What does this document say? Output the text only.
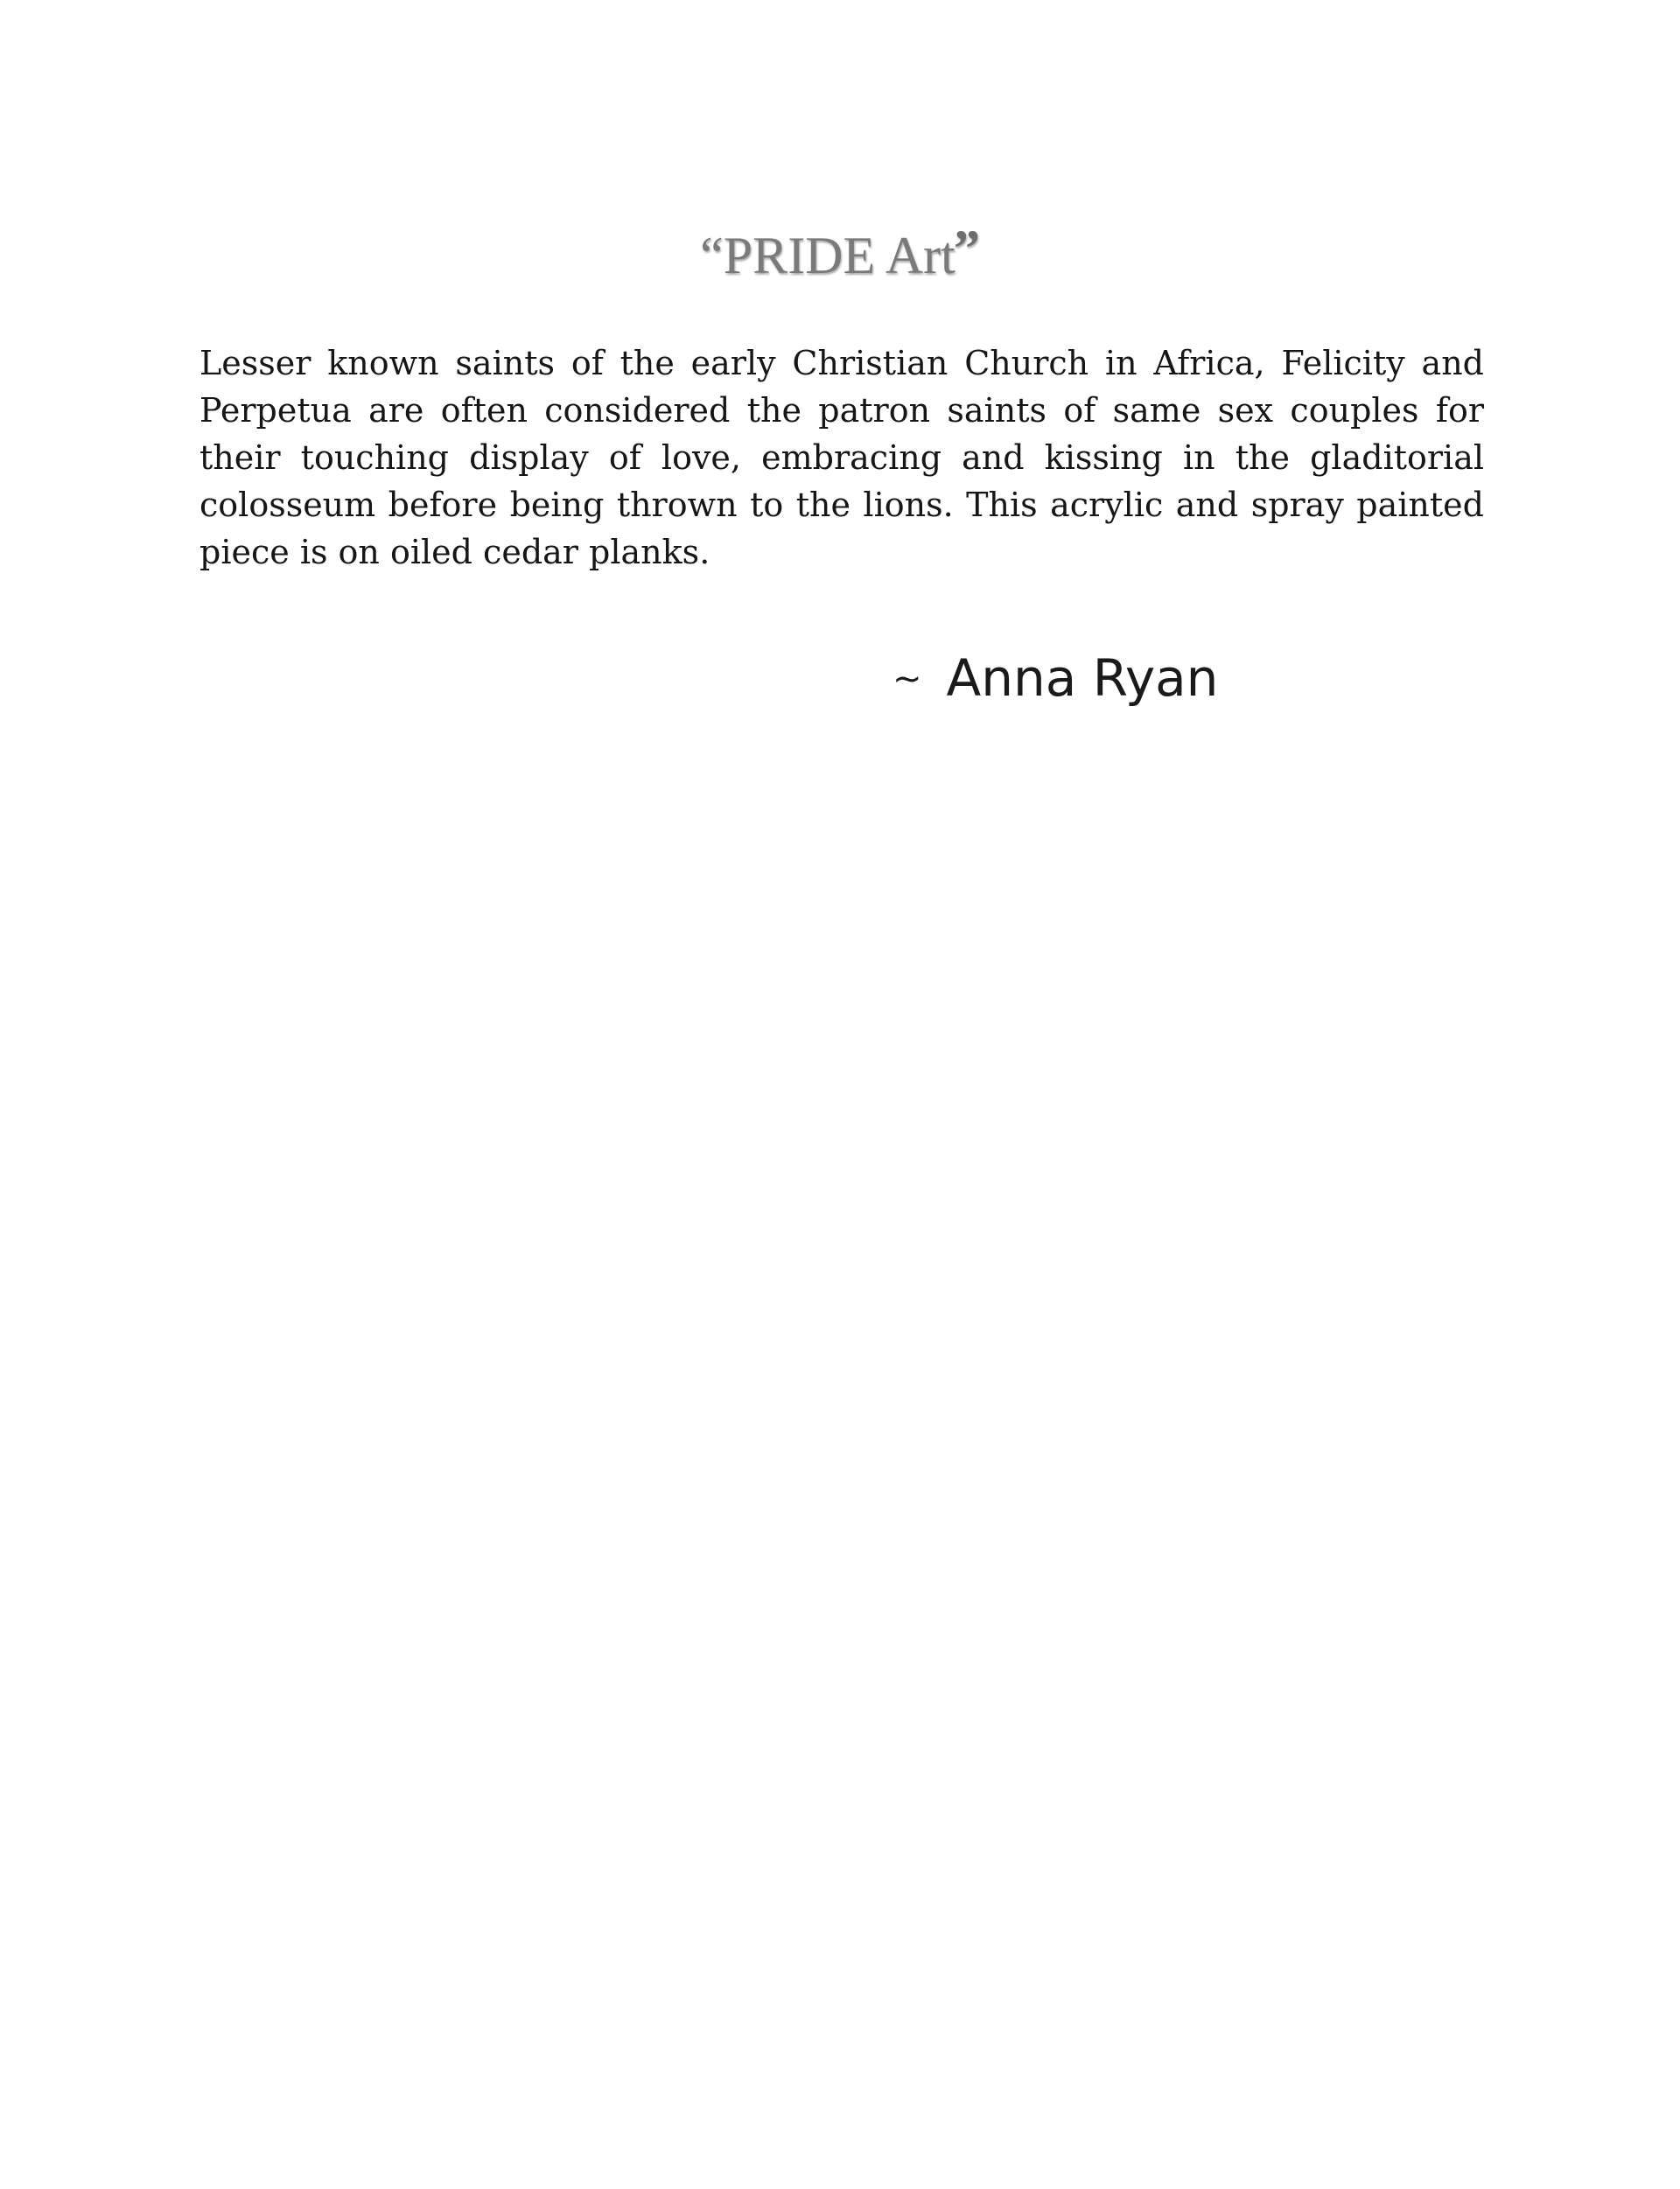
“PRIDE Art”

Lesser known saints of the early Christian Church in Africa, Felicity and Perpetua are often considered the patron saints of same sex couples for their touching display of love, embracing and kissing in the gladitorial colosseum before being thrown to the lions. This acrylic and spray painted piece is on oiled cedar planks.

~ Anna Ryan
